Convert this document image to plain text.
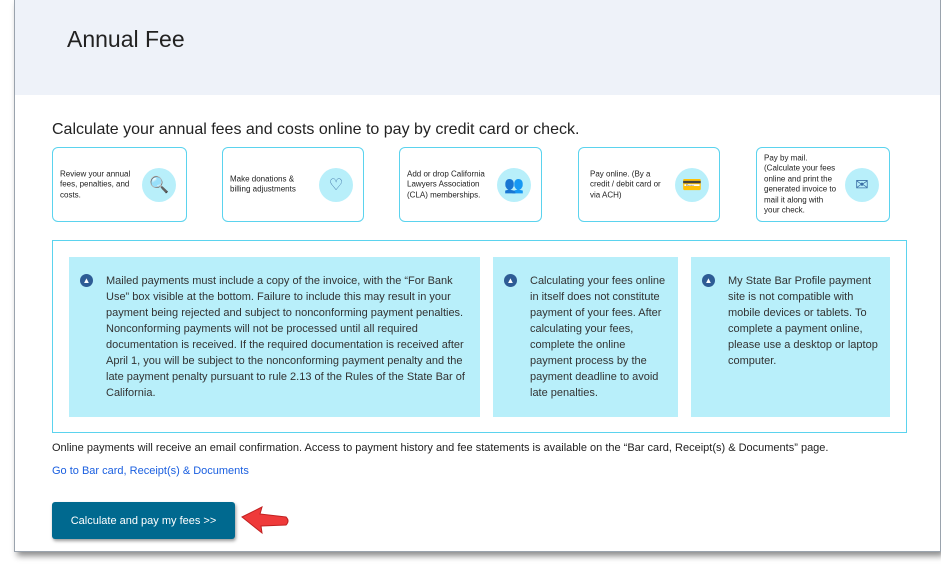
Annual Fee
Calculate your annual fees and costs online to pay by credit card or check.
Review your annual fees, penalties, and costs.
🔍	Make donations & billing adjustments	♡
Add or drop California Lawyers Association (CLA) memberships.
👥
Pay online. (By a credit / debit card or via ACH)
💳
Pay by mail. (Calculate your fees online and print the generated invoice to mail it along with your check.
✉
▲ Mailed payments must include a copy of the invoice, with the “For Bank Use” box visible at the bottom. Failure to include this may result in your payment being rejected and subject to nonconforming payment penalties. Nonconforming payments will not be processed until all required documentation is received. If the required documentation is received after April 1, you will be subject to the nonconforming payment penalty and the late payment penalty pursuant to rule 2.13 of the Rules of the State Bar of California.
▲ Calculating your fees online in itself does not constitute payment of your fees. After calculating your fees, complete the online payment process by the payment deadline to avoid late penalties.
▲ My State Bar Profile payment site is not compatible with mobile devices or tablets. To complete a payment online, please use a desktop or laptop computer.
Online payments will receive an email confirmation. Access to payment history and fee statements is available on the “Bar card, Receipt(s) & Documents” page.
Go to Bar card, Receipt(s) & Documents
Calculate and pay my fees >>
